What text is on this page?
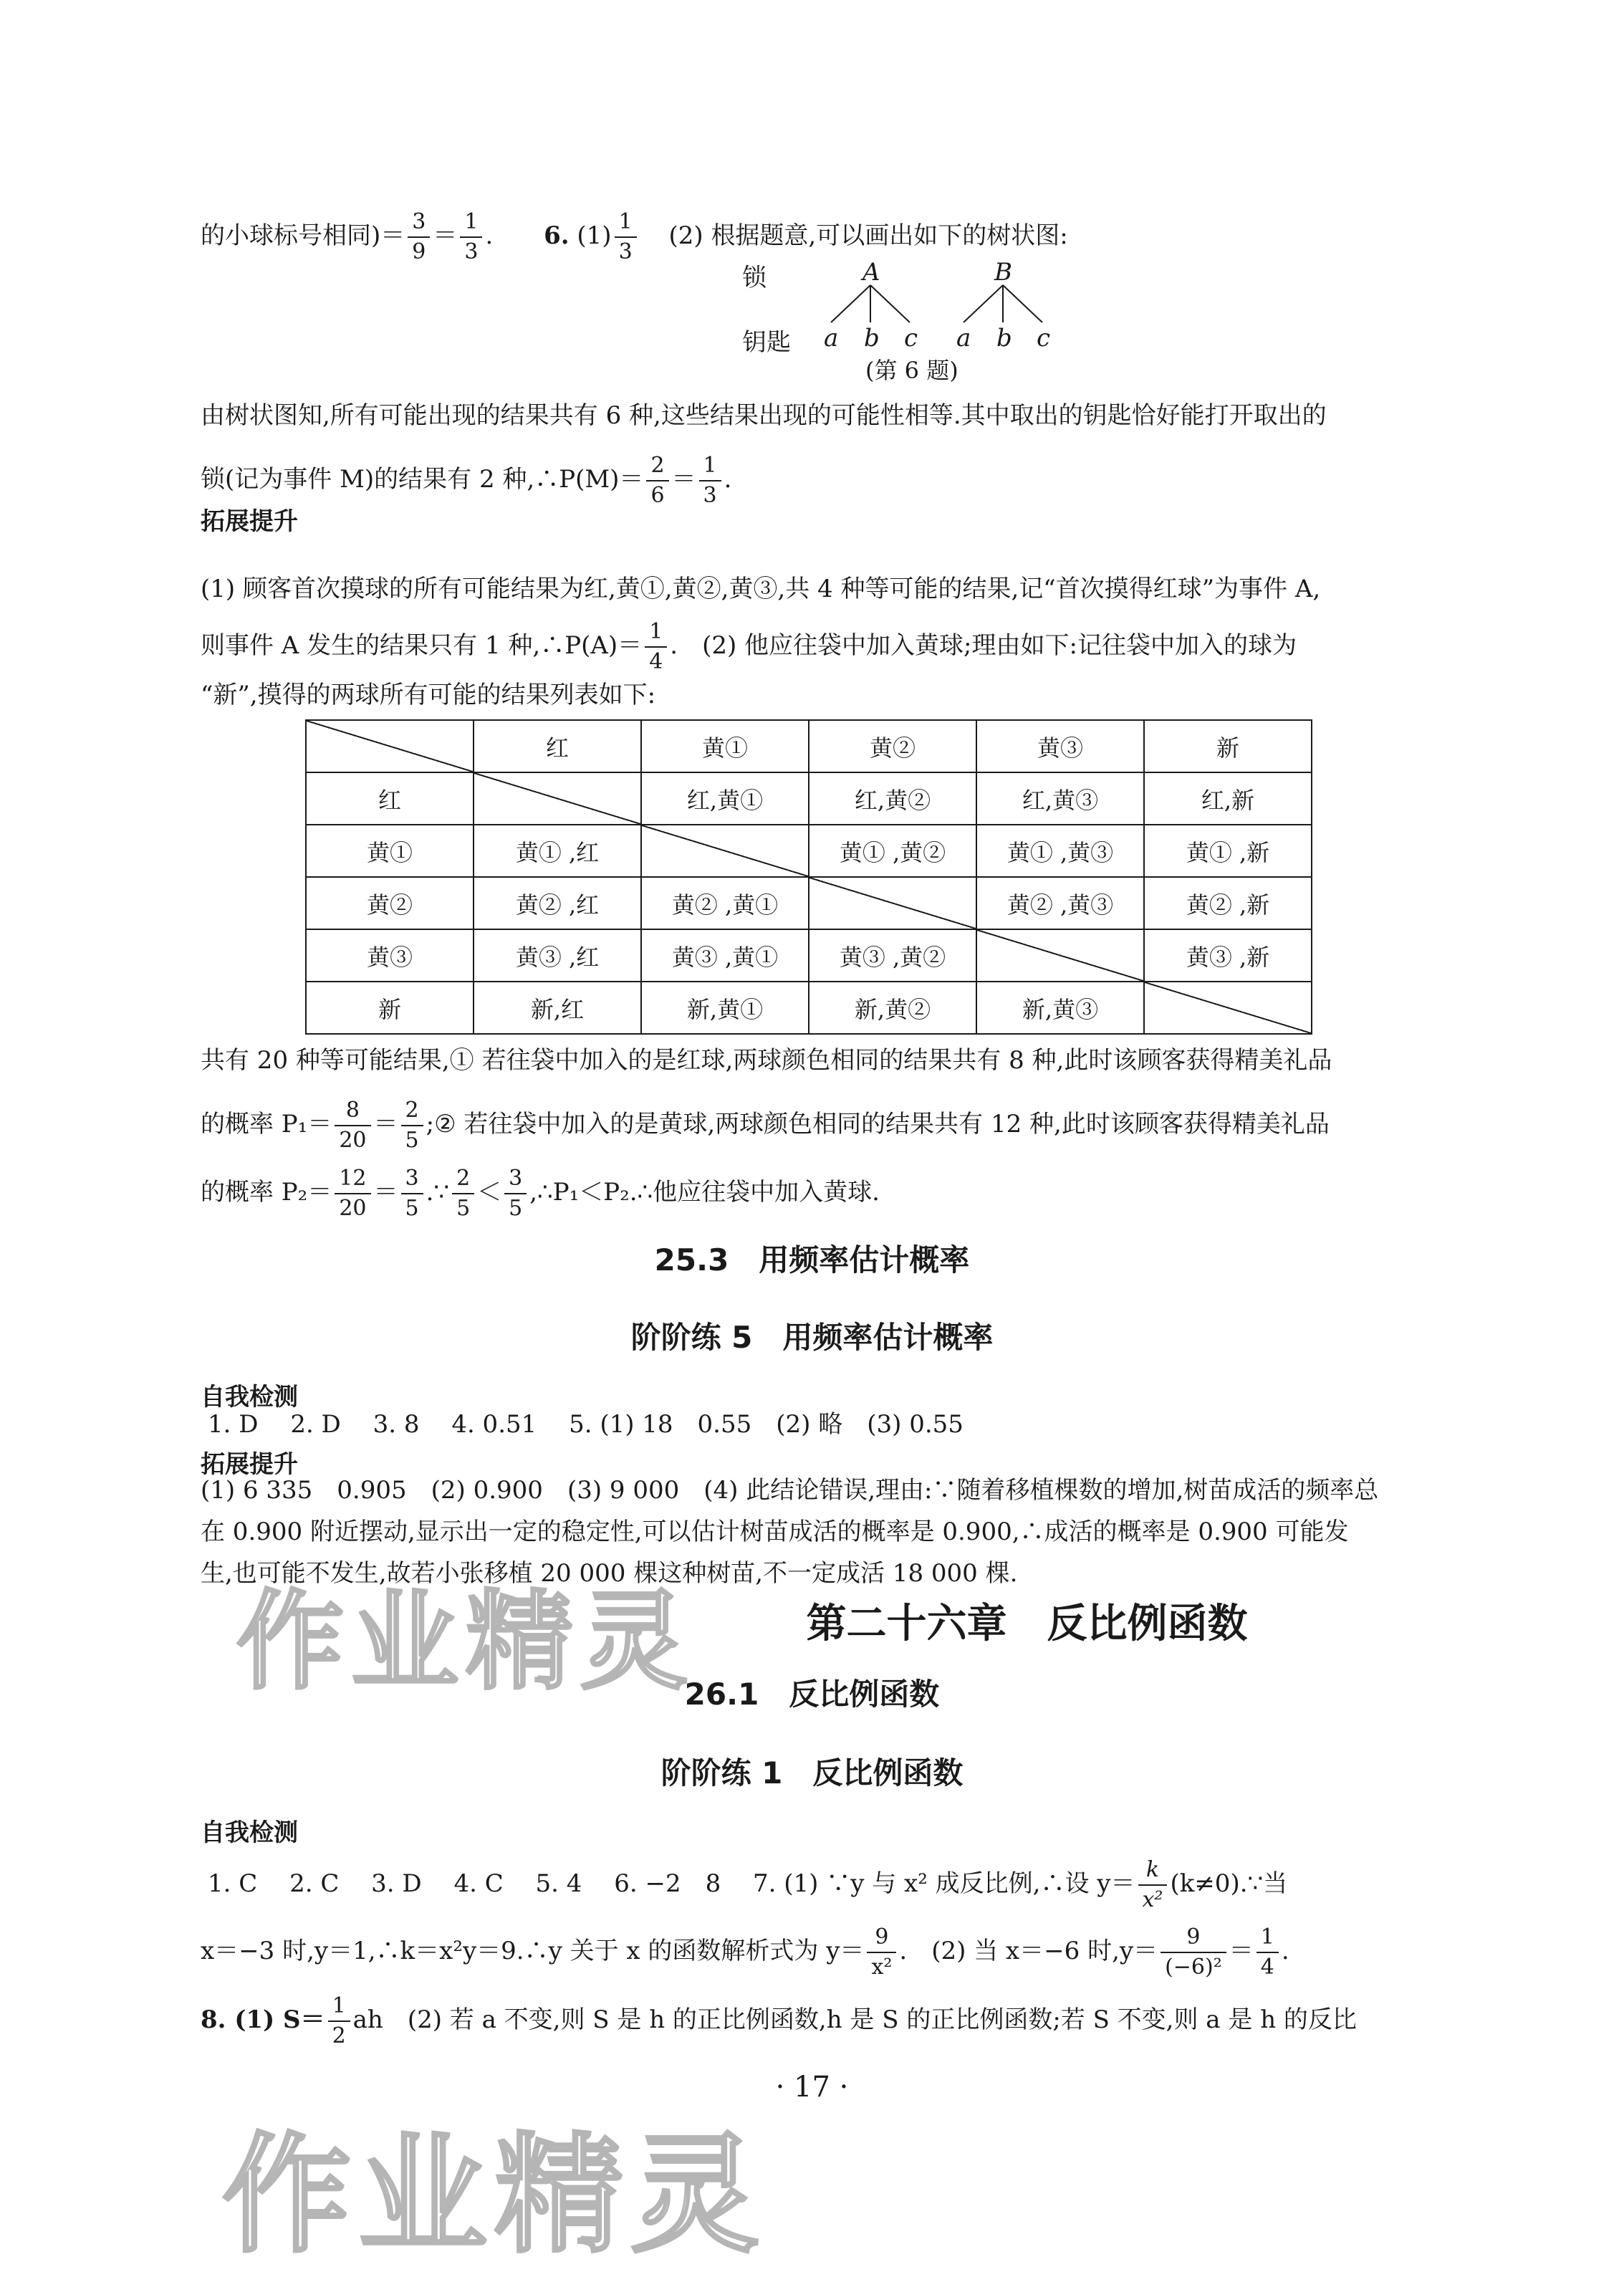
的小球标号相同)＝ $\frac{3}{9} = \frac{1}{3}$ . 6. $(1) \frac{1}{3} (2)$ 根据题意,可以画出如下的树状图:
锁
钥匙
A	B
a b c a b c
(第 6 题)
由树状图知,所有可能出现的结果共有 6 种,这些结果出现的可能性相等.其中取出的钥匙恰好能打开取出的
锁(记为事件 M)的结果有 2 种,∴P(M)＝ $\frac{2}{6} = \frac{1}{3}$ .
拓展提升
(1) 顾客首次摸球的所有可能结果为红,黄①,黄②,黄③,共 4 种等可能的结果,记“首次摸得红球”为事件 A,
则事件 A 发生的结果只有 1 种,∴P(A)＝ $\frac{1}{4}$ .　(2) 他应往袋中加入黄球;理由如下:记往袋中加入的球为
“新”,摸得的两球所有可能的结果列表如下:
	红	黄①	黄②	黄③	新
红		红,黄①	红,黄②	红,黄③	红,新
黄①	黄① ,红		黄① ,黄②	黄① ,黄③	黄① ,新
黄②	黄② ,红	黄② ,黄①		黄② ,黄③	黄② ,新
黄③	黄③ ,红	黄③ ,黄①	黄③ ,黄②		黄③ ,新
新	新,红	新,黄①	新,黄②	新,黄③	
共有 20 种等可能结果,① 若往袋中加入的是红球,两球颜色相同的结果共有 8 种,此时该顾客获得精美礼品
的概率 $P_1= \frac{8}{20} = \frac{2}{5}$ ;② 若往袋中加入的是黄球,两球颜色相同的结果共有 12 种,此时该顾客获得精美礼品
的概率 $P_2= \frac{12}{20} = \frac{3}{5}$ .∵ $\frac{2}{5} < \frac{3}{5}$ ,∴P₁＜P₂.∴他应往袋中加入黄球.
25.3　用频率估计概率
阶阶练 5　用频率估计概率
自我检测
1. D　 2. D　 3. 8　 4. 0.51　 5. (1) 18　0.55　(2) 略　(3) 0.55
拓展提升
(1) 6 335　0.905　(2) 0.900　(3) 9 000　(4) 此结论错误,理由:∵随着移植棵数的增加,树苗成活的频率总
在 0.900 附近摆动,显示出一定的稳定性,可以估计树苗成活的概率是 0.900,∴成活的概率是 0.900 可能发
生,也可能不发生,故若小张移植 20 000 棵这种树苗,不一定成活 18 000 棵.
第二十六章　反比例函数
26.1　反比例函数
阶阶练 1　反比例函数
自我检测
1. C　 2. C　 3. D　 4. C　 5. 4　 6. −2　8　 7. (1) ∵y 与 x² 成反比例,∴设 $y= \frac{k}{\text{x²}}$ (k≠0).∵当
x＝−3 时,y＝1,∴k＝x²y＝9.∴y 关于 x 的函数解析式为 $y= \frac{9}{\text{x²}}$ .　(2) 当 x＝−6 时$,y= \frac{9}{\text{(−6)²}} = \frac{1}{4}$ .
8. (1) $S= \frac{1}{2}$ ah　(2) 若 a 不变,则 S 是 h 的正比例函数,h 是 S 的正比例函数;若 S 不变,则 a 是 h 的反比
· 17 ·
作业精灵
作业精灵
